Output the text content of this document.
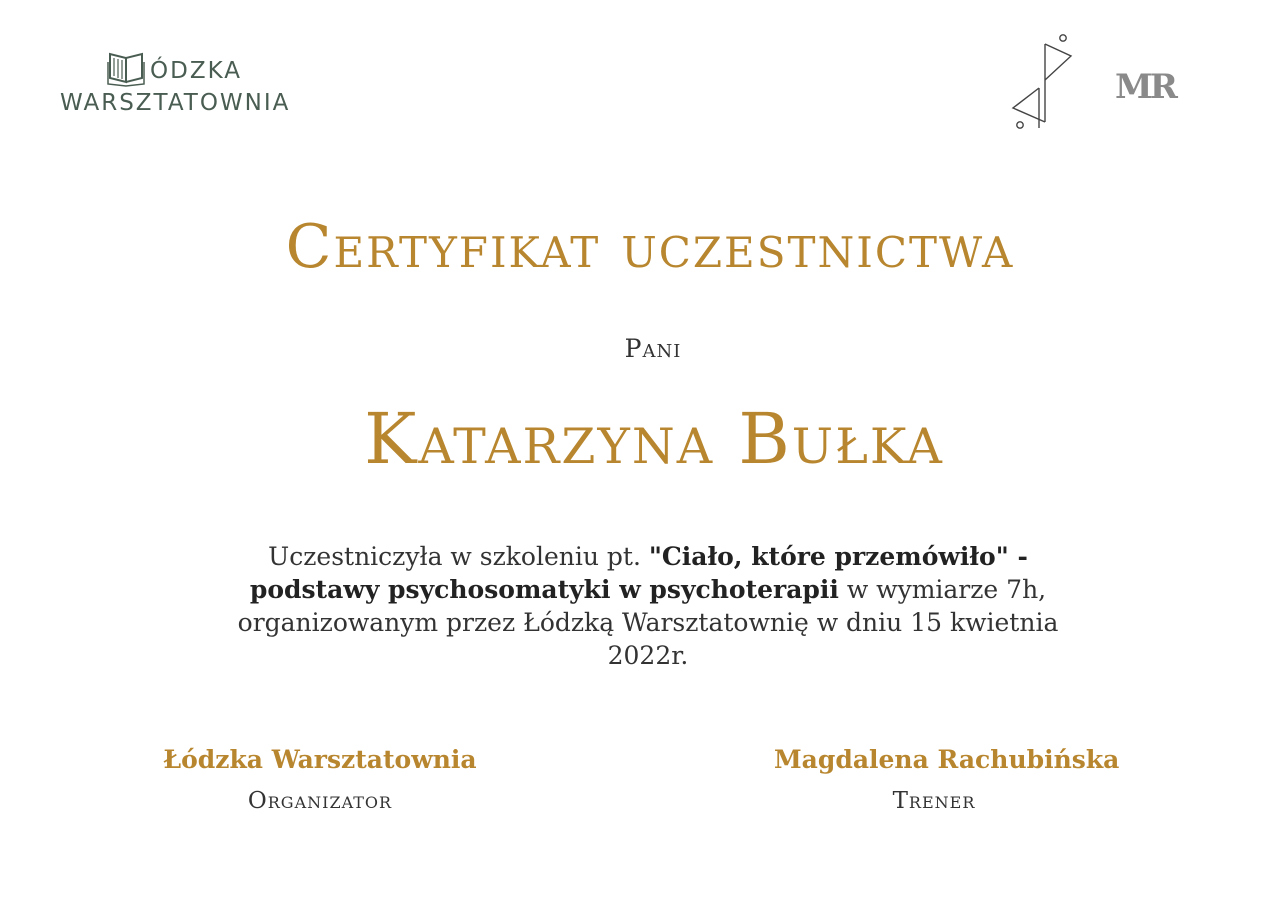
ÓDZKA
WARSZTATOWNIA	MR
Certyfikat uczestnictwa
Pani
Katarzyna Bułka
Uczestniczyła w szkoleniu pt. "Ciało, które przemówiło" - podstawy psychosomatyki w psychoterapii w wymiarze 7h, organizowanym przez Łódzką Warsztatownię w dniu 15 kwietnia 2022r.
Łódzka Warsztatownia
Organizator
Magdalena Rachubińska
Trener
